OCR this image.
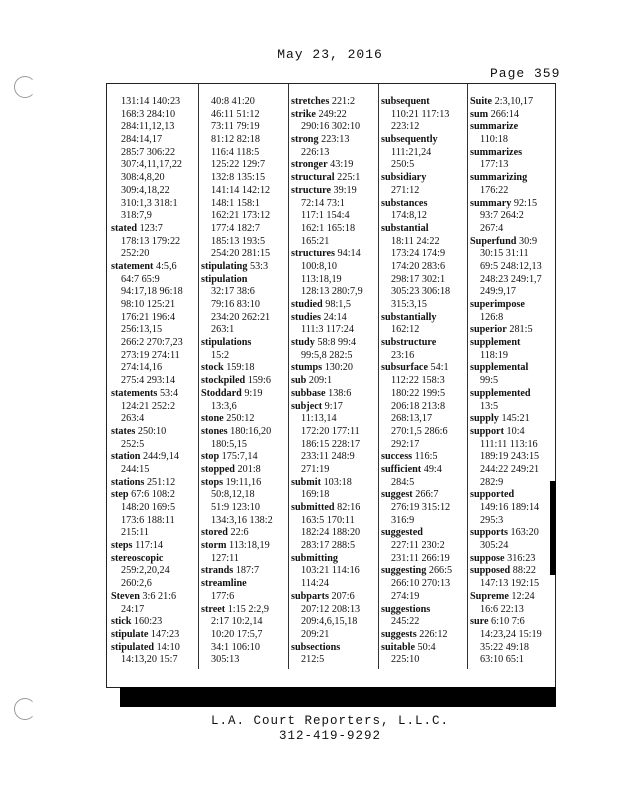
May 23, 2016
Page 359
131:14 140:23
168:3 284:10
284:11,12,13
284:14,17
285:7 306:22
307:4,11,17,22
308:4,8,20
309:4,18,22
310:1,3 318:1
318:7,9
stated 123:7
178:13 179:22
252:20
statement 4:5,6
64:7 65:9
94:17,18 96:18
98:10 125:21
176:21 196:4
256:13,15
266:2 270:7,23
273:19 274:11
274:14,16
275:4 293:14
statements 53:4
124:21 252:2
263:4
states 250:10
252:5
station 244:9,14
244:15
stations 251:12
step 67:6 108:2
148:20 169:5
173:6 188:11
215:11
steps 117:14
stereoscopic
259:2,20,24
260:2,6
Steven 3:6 21:6
24:17
stick 160:23
stipulate 147:23
stipulated 14:10
14:13,20 15:7
40:8 41:20
46:11 51:12
73:11 79:19
81:12 82:18
116:4 118:5
125:22 129:7
132:8 135:15
141:14 142:12
148:1 158:1
162:21 173:12
177:4 182:7
185:13 193:5
254:20 281:15
stipulating 53:3
stipulation
32:17 38:6
79:16 83:10
234:20 262:21
263:1
stipulations
15:2
stock 159:18
stockpiled 159:6
Stoddard 9:19
13:3,6
stone 250:12
stones 180:16,20
180:5,15
stop 175:7,14
stopped 201:8
stops 19:11,16
50:8,12,18
51:9 123:10
134:3,16 138:2
stored 22:6
storm 113:18,19
127:11
strands 187:7
streamline
177:6
street 1:15 2:2,9
2:17 10:2,14
10:20 17:5,7
34:1 106:10
305:13
stretches 221:2
strike 249:22
290:16 302:10
strong 223:13
226:13
stronger 43:19
structural 225:1
structure 39:19
72:14 73:1
117:1 154:4
162:1 165:18
165:21
structures 94:14
100:8,10
113:18,19
128:13 280:7,9
studied 98:1,5
studies 24:14
111:3 117:24
study 58:8 99:4
99:5,8 282:5
stumps 130:20
sub 209:1
subbase 138:6
subject 9:17
11:13,14
172:20 177:11
186:15 228:17
233:11 248:9
271:19
submit 103:18
169:18
submitted 82:16
163:5 170:11
182:24 188:20
283:17 288:5
submitting
103:21 114:16
114:24
subparts 207:6
207:12 208:13
209:4,6,15,18
209:21
subsections
212:5
subsequent
110:21 117:13
223:12
subsequently
111:21,24
250:5
subsidiary
271:12
substances
174:8,12
substantial
18:11 24:22
173:24 174:9
174:20 283:6
298:17 302:1
305:23 306:18
315:3,15
substantially
162:12
substructure
23:16
subsurface 54:1
112:22 158:3
180:22 199:5
206:18 213:8
268:13,17
270:1,5 286:6
292:17
success 116:5
sufficient 49:4
284:5
suggest 266:7
276:19 315:12
316:9
suggested
227:11 230:2
231:11 266:19
suggesting 266:5
266:10 270:13
274:19
suggestions
245:22
suggests 226:12
suitable 50:4
225:10
Suite 2:3,10,17
sum 266:14
summarize
110:18
summarizes
177:13
summarizing
176:22
summary 92:15
93:7 264:2
267:4
Superfund 30:9
30:15 31:11
69:5 248:12,13
248:23 249:1,7
249:9,17
superimpose
126:8
superior 281:5
supplement
118:19
supplemental
99:5
supplemented
13:5
supply 145:21
support 10:4
111:11 113:16
189:19 243:15
244:22 249:21
282:9
supported
149:16 189:14
295:3
supports 163:20
305:24
suppose 316:23
supposed 88:22
147:13 192:15
Supreme 12:24
16:6 22:13
sure 6:10 7:6
14:23,24 15:19
35:22 49:18
63:10 65:1
L.A. Court Reporters, L.L.C.
312-419-9292
